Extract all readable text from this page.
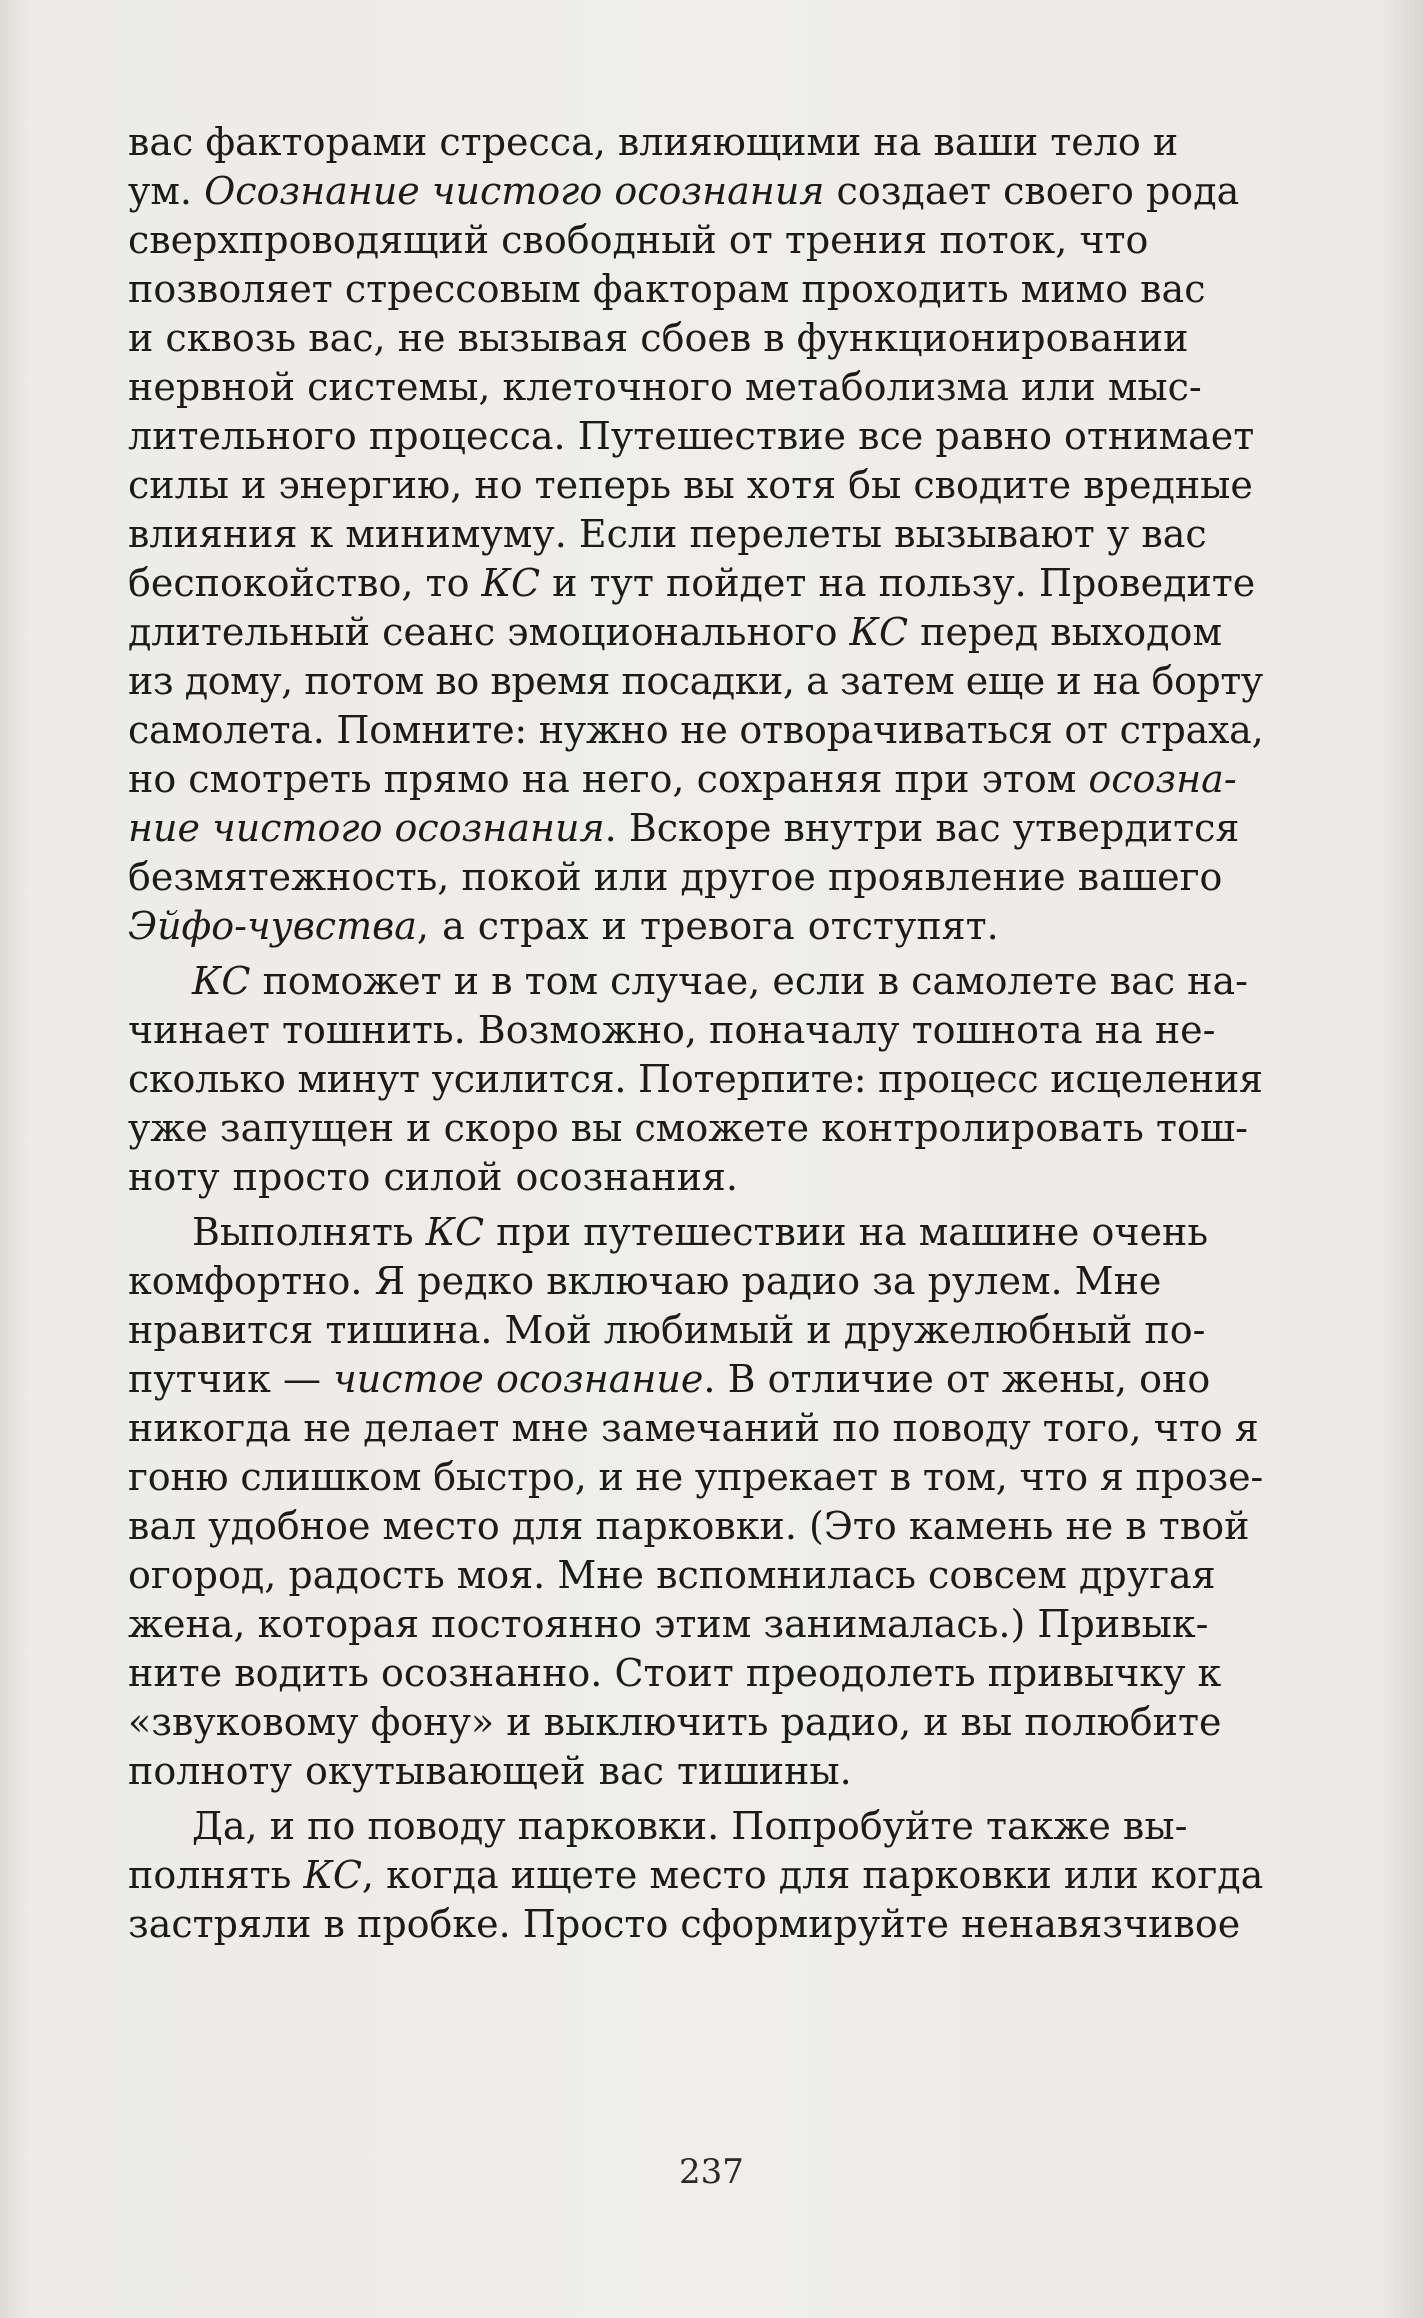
вас факторами стресса, влияющими на ваши тело и
ум. Осознание чистого осознания создает своего рода
сверхпроводящий свободный от трения поток, что
позволяет стрессовым факторам проходить мимо вас
и сквозь вас, не вызывая сбоев в функционировании
нервной системы, клеточного метаболизма или мыс-
лительного процесса. Путешествие все равно отнимает
силы и энергию, но теперь вы хотя бы сводите вредные
влияния к минимуму. Если перелеты вызывают у вас
беспокойство, то КС и тут пойдет на пользу. Проведите
длительный сеанс эмоционального КС перед выходом
из дому, потом во время посадки, а затем еще и на борту
самолета. Помните: нужно не отворачиваться от страха,
но смотреть прямо на него, сохраняя при этом осозна-
ние чистого осознания. Вскоре внутри вас утвердится
безмятежность, покой или другое проявление вашего
Эйфо-чувства, а страх и тревога отступят.
КС поможет и в том случае, если в самолете вас на-
чинает тошнить. Возможно, поначалу тошнота на не-
сколько минут усилится. Потерпите: процесс исцеления
уже запущен и скоро вы сможете контролировать тош-
ноту просто силой осознания.
Выполнять КС при путешествии на машине очень
комфортно. Я редко включаю радио за рулем. Мне
нравится тишина. Мой любимый и дружелюбный по-
путчик — чистое осознание. В отличие от жены, оно
никогда не делает мне замечаний по поводу того, что я
гоню слишком быстро, и не упрекает в том, что я прозе-
вал удобное место для парковки. (Это камень не в твой
огород, радость моя. Мне вспомнилась совсем другая
жена, которая постоянно этим занималась.) Привык-
ните водить осознанно. Стоит преодолеть привычку к
«звуковому фону» и выключить радио, и вы полюбите
полноту окутывающей вас тишины.
Да, и по поводу парковки. Попробуйте также вы-
полнять КС, когда ищете место для парковки или когда
застряли в пробке. Просто сформируйте ненавязчивое
237
